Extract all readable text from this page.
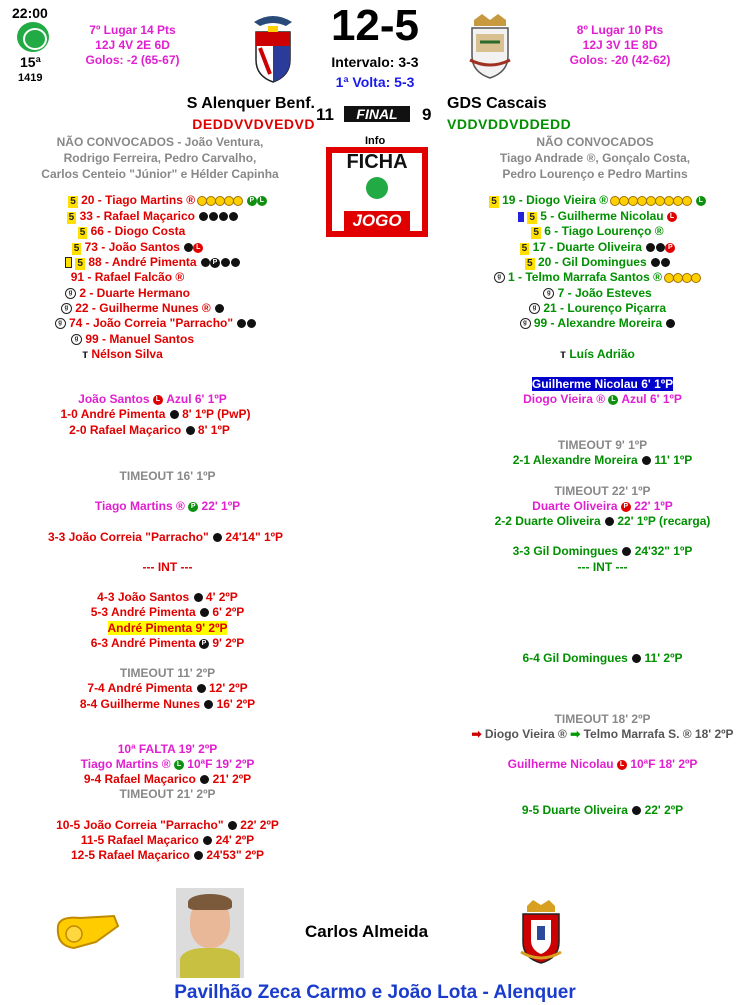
22:00
15ª
1419
7º Lugar 14 Pts
12J 4V 2E 6D
Golos: -2 (65-67)
12-5
Intervalo: 3-3
1ª Volta: 5-3
8º Lugar 10 Pts
12J 3V 1E 8D
Golos: -20 (42-62)
S Alenquer Benf.	GDS Cascais
11	FINAL	9
DEDDVVDVEDVD	VDDVDDVDDEDD
Info
FICHA
JOGO
NÃO CONVOCADOS - João Ventura,
Rodrigo Ferreira, Pedro Carvalho,
Carlos Centeio "Júnior" e Hélder Capinha
NÃO CONVOCADOS
Tiago Andrade ®, Gonçalo Costa,
Pedro Lourenço e Pedro Martins
5 20 - Tiago Martins ®	P L
5 33 - Rafael Maçarico
5 66 - Diogo Costa
5 73 - João Santos L
5 88 - André Pimenta P
91 - Rafael Falcão ®
g 2 - Duarte Hermano
g 22 - Guilherme Nunes ®
g 74 - João Correia "Parracho"
g 99 - Manuel Santos
т Nélson Silva
5 19 - Diogo Vieira ®	L
5 5 - Guilherme Nicolau L
5 6 - Tiago Lourenço ®
5 17 - Duarte Oliveira	P
5 20 - Gil Domingues
g 1 - Telmo Marrafa Santos ®
g 7 - João Esteves
g 21 - Lourenço Piçarra
g 99 - Alexandre Moreira
т Luís Adrião
João Santos L Azul 6' 1ºP
1-0 André Pimenta 8' 1ºP (PwP)
2-0 Rafael Maçarico 8' 1ºP
TIMEOUT 16' 1ºP
Tiago Martins ® P 22' 1ºP
3-3 João Correia "Parracho" 24'14" 1ºP
--- INT ---
4-3 João Santos 4' 2ºP
5-3 André Pimenta 6' 2ºP
André Pimenta 9' 2ºP
6-3 André Pimenta P 9' 2ºP
TIMEOUT 11' 2ºP
7-4 André Pimenta 12' 2ºP
8-4 Guilherme Nunes 16' 2ºP
10ª FALTA 19' 2ºP
Tiago Martins ® L 10ªF 19' 2ºP
9-4 Rafael Maçarico 21' 2ºP
TIMEOUT 21' 2ºP
10-5 João Correia "Parracho" 22' 2ºP
11-5 Rafael Maçarico 24' 2ºP
12-5 Rafael Maçarico 24'53" 2ºP
Guilherme Nicolau 6' 1ºP
Diogo Vieira ® L Azul 6' 1ºP
TIMEOUT 9' 1ºP
2-1 Alexandre Moreira 11' 1ºP
TIMEOUT 22' 1ºP
Duarte Oliveira P 22' 1ºP
2-2 Duarte Oliveira 22' 1ºP (recarga)
3-3 Gil Domingues 24'32" 1ºP
--- INT ---
6-4 Gil Domingues 11' 2ºP
TIMEOUT 18' 2ºP
➡ Diogo Vieira ® ➡ Telmo Marrafa S. ® 18' 2ºP
Guilherme Nicolau L 10ªF 18' 2ºP
9-5 Duarte Oliveira 22' 2ºP
Carlos Almeida
Pavilhão Zeca Carmo e João Lota - Alenquer
